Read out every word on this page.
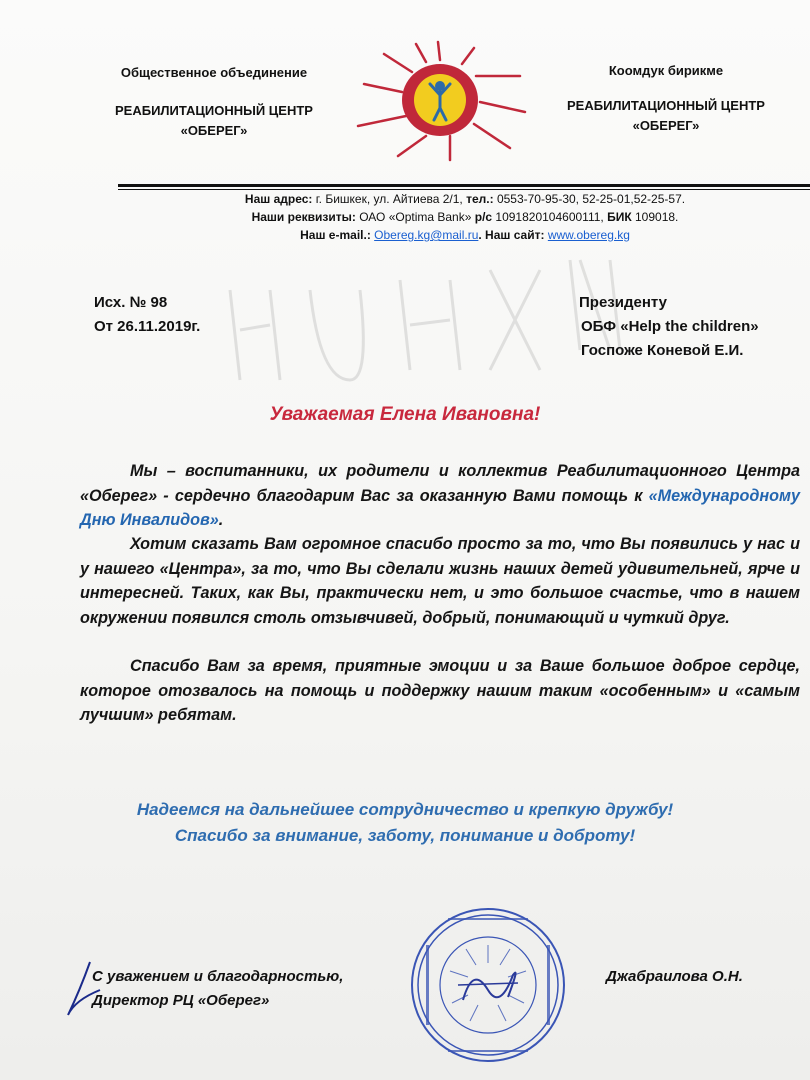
Общественное объединение
РЕАБИЛИТАЦИОННЫЙ ЦЕНТР
«ОБЕРЕГ»
Коомдук бирикме
РЕАБИЛИТАЦИОННЫЙ ЦЕНТР
«ОБЕРЕГ»
Наш адрес: г. Бишкек, ул. Айтиева 2/1, тел.: 0553-70-95-30, 52-25-01,52-25-57.
Наши реквизиты: ОАО «Optima Bank» р/с 1091820104600111, БИК 109018.
Наш e-mail.: Obereg.kg@mail.ru. Наш сайт: www.obereg.kg
Исх. № 98
От 26.11.2019г.
Президенту
ОБФ «Help the children»
Госпоже Коневой Е.И.
Уважаемая Елена Ивановна!
Мы – воспитанники, их родители и коллектив Реабилитационного Центра «Оберег» - сердечно благодарим Вас за оказанную Вами помощь к «Международному Дню Инвалидов».
Хотим сказать Вам огромное спасибо просто за то, что Вы появились у нас и у нашего «Центра», за то, что Вы сделали жизнь наших детей удивительней, ярче и интересней. Таких, как Вы, практически нет, и это большое счастье, что в нашем окружении появился столь отзывчивей, добрый, понимающий и чуткий друг.
Спасибо Вам за время, приятные эмоции и за Ваше большое доброе сердце, которое отозвалось на помощь и поддержку нашим таким «особенным» и «самым лучшим» ребятам.
Надеемся на дальнейшее сотрудничество и крепкую дружбу!
Спасибо за внимание, заботу, понимание и доброту!
С уважением и благодарностью,
Директор РЦ «Оберег»
Джабраилова О.Н.
